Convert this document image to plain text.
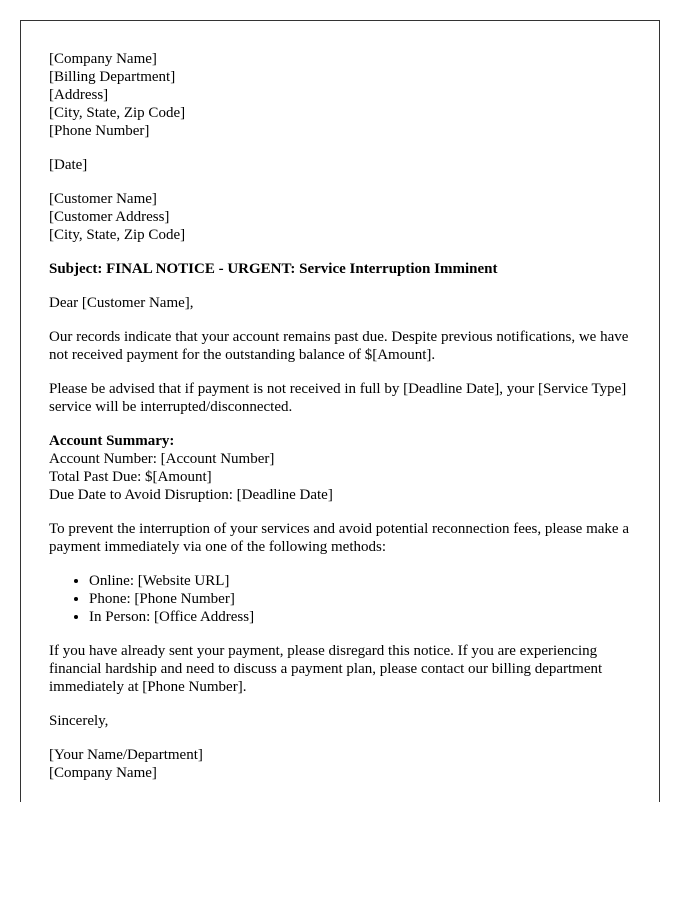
[Company Name]
[Billing Department]
[Address]
[City, State, Zip Code]
[Phone Number]
[Date]
[Customer Name]
[Customer Address]
[City, State, Zip Code]

Subject: FINAL NOTICE - URGENT: Service Interruption Imminent

Dear [Customer Name],

Our records indicate that your account remains past due. Despite previous notifications, we have not received payment for the outstanding balance of $[Amount].

Please be advised that if payment is not received in full by [Deadline Date], your [Service Type] service will be interrupted/disconnected.

Account Summary:
Account Number: [Account Number]
Total Past Due: $[Amount]
Due Date to Avoid Disruption: [Deadline Date]

To prevent the interruption of your services and avoid potential reconnection fees, please make a payment immediately via one of the following methods:

• Online: [Website URL]
• Phone: [Phone Number]
• In Person: [Office Address]

If you have already sent your payment, please disregard this notice. If you are experiencing financial hardship and need to discuss a payment plan, please contact our billing department immediately at [Phone Number].

Sincerely,

[Your Name/Department]
[Company Name]
